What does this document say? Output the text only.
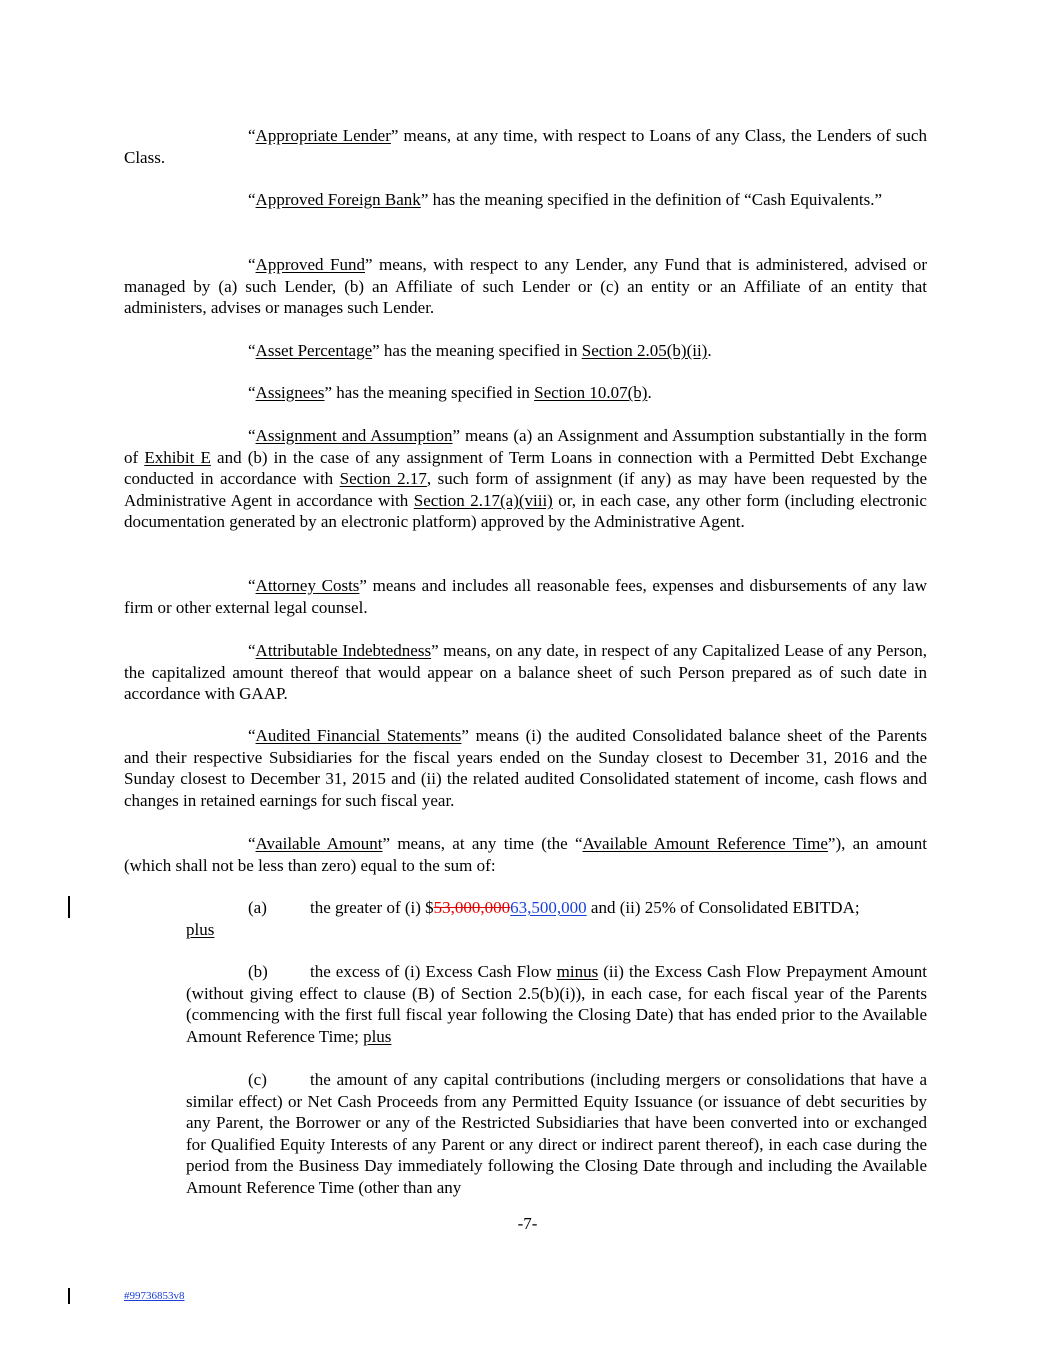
“Appropriate Lender” means, at any time, with respect to Loans of any Class, the Lenders of such Class.

“Approved Foreign Bank” has the meaning specified in the definition of “Cash Equivalents.”

“Approved Fund” means, with respect to any Lender, any Fund that is administered, advised or managed by (a) such Lender, (b) an Affiliate of such Lender or (c) an entity or an Affiliate of an entity that administers, advises or manages such Lender.

“Asset Percentage” has the meaning specified in Section 2.05(b)(ii).

“Assignees” has the meaning specified in Section 10.07(b).

“Assignment and Assumption” means (a) an Assignment and Assumption substantially in the form of Exhibit E and (b) in the case of any assignment of Term Loans in connection with a Permitted Debt Exchange conducted in accordance with Section 2.17, such form of assignment (if any) as may have been requested by the Administrative Agent in accordance with Section 2.17(a)(viii) or, in each case, any other form (including electronic documentation generated by an electronic platform) approved by the Administrative Agent.

“Attorney Costs” means and includes all reasonable fees, expenses and disbursements of any law firm or other external legal counsel.

“Attributable Indebtedness” means, on any date, in respect of any Capitalized Lease of any Person, the capitalized amount thereof that would appear on a balance sheet of such Person prepared as of such date in accordance with GAAP.

“Audited Financial Statements” means (i) the audited Consolidated balance sheet of the Parents and their respective Subsidiaries for the fiscal years ended on the Sunday closest to December 31, 2016 and the Sunday closest to December 31, 2015 and (ii) the related audited Consolidated statement of income, cash flows and changes in retained earnings for such fiscal year.

“Available Amount” means, at any time (the “Available Amount Reference Time”), an amount (which shall not be less than zero) equal to the sum of:

(a)	the greater of (i) $53,000,00063,500,000 and (ii) 25% of Consolidated EBITDA;
plus

(b) the excess of (i) Excess Cash Flow minus (ii) the Excess Cash Flow Prepayment Amount (without giving effect to clause (B) of Section 2.5(b)(i)), in each case, for each fiscal year of the Parents (commencing with the first full fiscal year following the Closing Date) that has ended prior to the Available Amount Reference Time; plus

(c)	the amount of any capital contributions (including mergers or consolidations that have a similar effect) or Net Cash Proceeds from any Permitted Equity Issuance (or issuance of debt securities by any Parent, the Borrower or any of the Restricted Subsidiaries that have been converted into or exchanged for Qualified Equity Interests of any Parent or any direct or indirect parent thereof), in each case during the period from the Business Day immediately following the Closing Date through and including the Available Amount Reference Time (other than any

-7-
#99736853v8
